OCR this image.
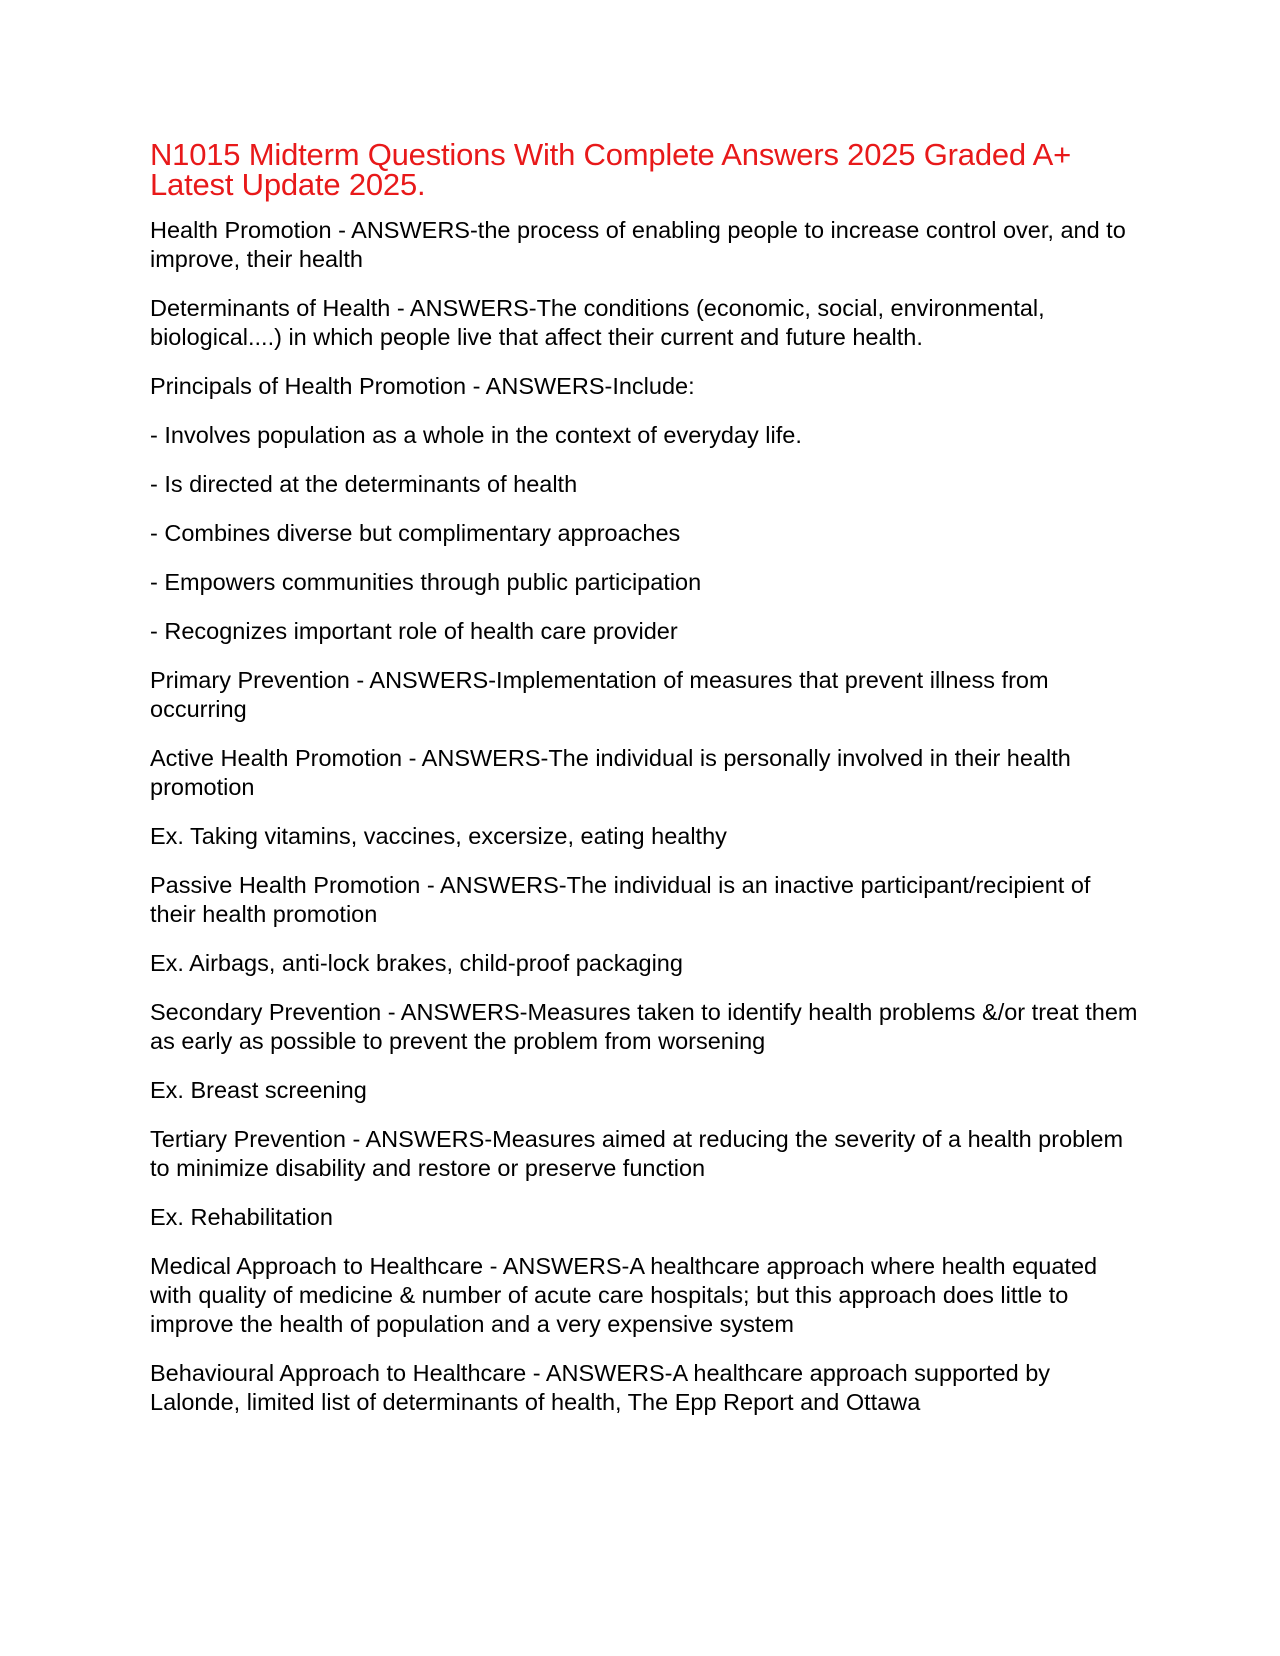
N1015 Midterm Questions With Complete Answers 2025 Graded A+ Latest Update 2025.

Health Promotion - ANSWERS-the process of enabling people to increase control over, and to improve, their health

Determinants of Health - ANSWERS-The conditions (economic, social, environmental, biological....) in which people live that affect their current and future health.

Principals of Health Promotion - ANSWERS-Include:

- Involves population as a whole in the context of everyday life.

- Is directed at the determinants of health

- Combines diverse but complimentary approaches

- Empowers communities through public participation

- Recognizes important role of health care provider

Primary Prevention - ANSWERS-Implementation of measures that prevent illness from occurring

Active Health Promotion - ANSWERS-The individual is personally involved in their health promotion

Ex. Taking vitamins, vaccines, excersize, eating healthy

Passive Health Promotion - ANSWERS-The individual is an inactive participant/recipient of their health promotion

Ex. Airbags, anti-lock brakes, child-proof packaging

Secondary Prevention - ANSWERS-Measures taken to identify health problems &/or treat them as early as possible to prevent the problem from worsening

Ex. Breast screening

Tertiary Prevention - ANSWERS-Measures aimed at reducing the severity of a health problem to minimize disability and restore or preserve function

Ex. Rehabilitation

Medical Approach to Healthcare - ANSWERS-A healthcare approach where health equated with quality of medicine & number of acute care hospitals; but this approach does little to improve the health of population and a very expensive system

Behavioural Approach to Healthcare - ANSWERS-A healthcare approach supported by Lalonde, limited list of determinants of health, The Epp Report and Ottawa
